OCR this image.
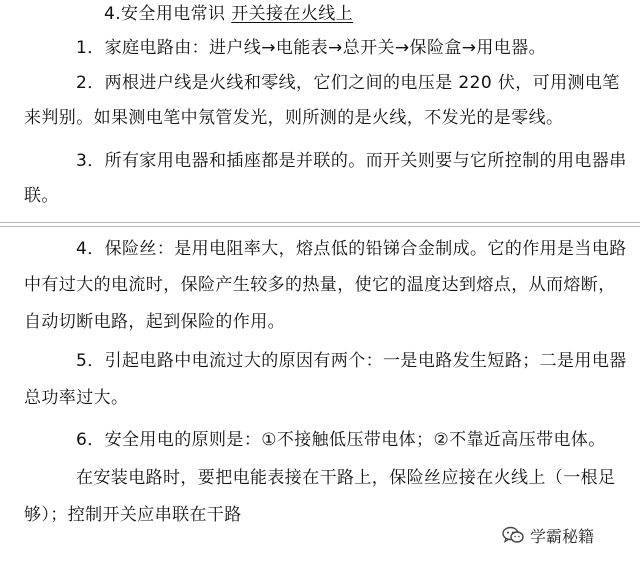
4.安全用电常识 开关接在火线上
1．家庭电路由：进户线→电能表→总开关→保险盒→用电器。
2．两根进户线是火线和零线，它们之间的电压是 220 伏，可用测电笔
来判别。如果测电笔中氖管发光，则所测的是火线，不发光的是零线。
3．所有家用电器和插座都是并联的。而开关则要与它所控制的用电器串
联。
4．保险丝：是用电阻率大，熔点低的铅锑合金制成。它的作用是当电路
中有过大的电流时，保险产生较多的热量，使它的温度达到熔点，从而熔断，
自动切断电路，起到保险的作用。
5．引起电路中电流过大的原因有两个：一是电路发生短路；二是用电器
总功率过大。
6．安全用电的原则是：①不接触低压带电体；②不靠近高压带电体。
在安装电路时，要把电能表接在干路上，保险丝应接在火线上（一根足
够）；控制开关应串联在干路
学霸秘籍
